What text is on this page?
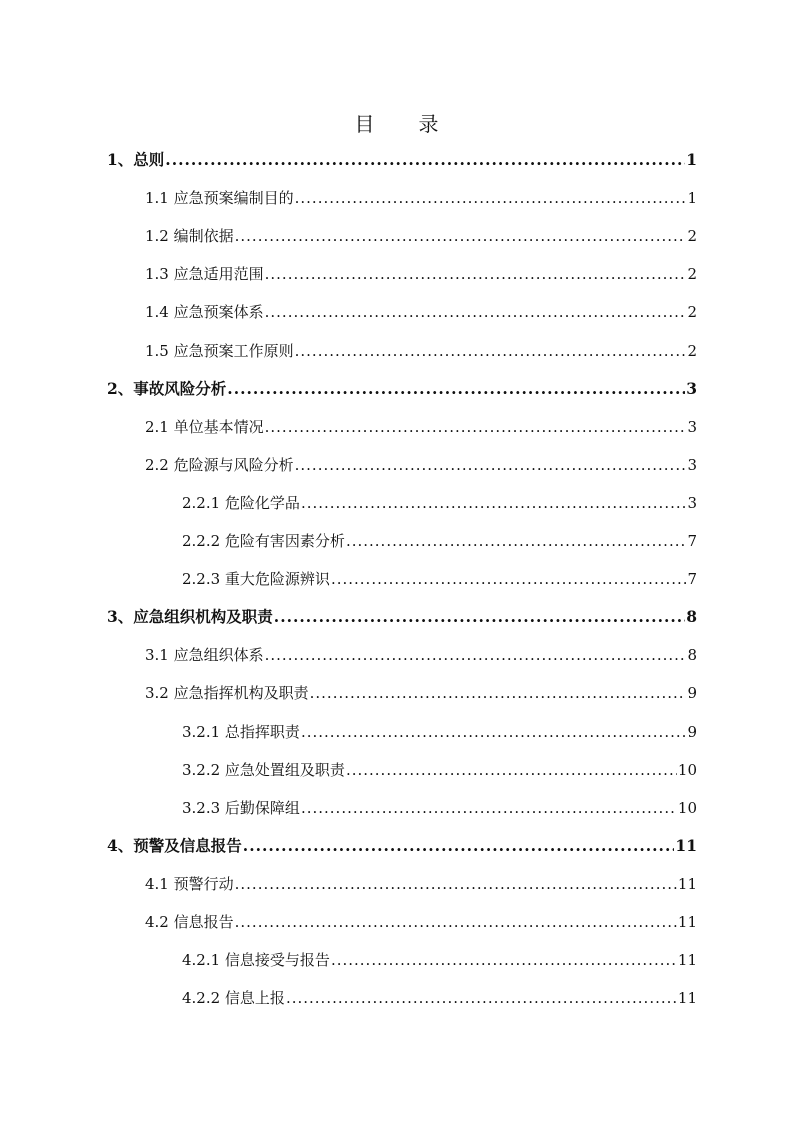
目 录
1、总则 .....	1
1.1 应急预案编制目的 .....	1
1.2 编制依据 .....	2
1.3 应急适用范围 .....	2
1.4 应急预案体系 .....	2
1.5 应急预案工作原则 .....	2
2、事故风险分析 .....	3
2.1 单位基本情况 .....	3
2.2 危险源与风险分析 .....	3
2.2.1 危险化学品 .....	3
2.2.2 危险有害因素分析 .....	7
2.2.3 重大危险源辨识 .....	7
3、应急组织机构及职责 .....	8
3.1 应急组织体系 .....	8
3.2 应急指挥机构及职责 .....	9
3.2.1 总指挥职责 .....	9
3.2.2 应急处置组及职责 .....	10
3.2.3 后勤保障组 .....	10
4、预警及信息报告 .....	11
4.1 预警行动 .....	11
4.2 信息报告 .....	11
4.2.1 信息接受与报告 .....	11
4.2.2 信息上报 .....	11
